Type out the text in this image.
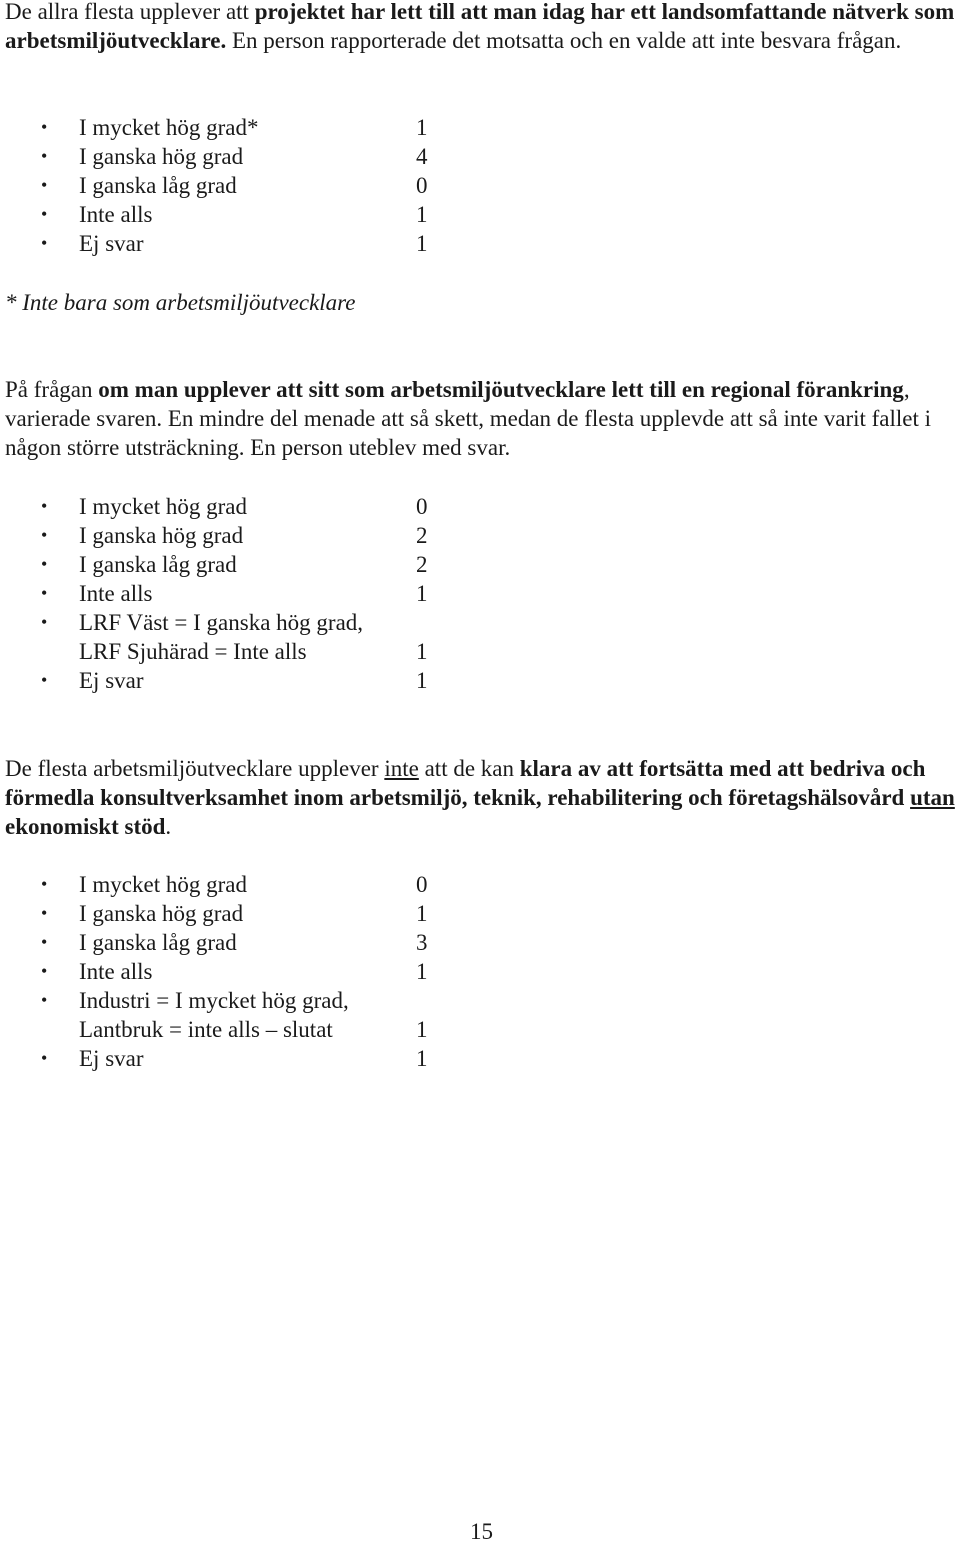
De allra flesta upplever att projektet har lett till att man idag har ett landsomfattande nätverk som arbetsmiljöutvecklare. En person rapporterade det motsatta och en valde att inte besvara frågan.

• I mycket hög grad*	1
• I ganska hög grad	4
• I ganska låg grad	0
• Inte alls	1
• Ej svar	1

* Inte bara som arbetsmiljöutvecklare

På frågan om man upplever att sitt som arbetsmiljöutvecklare lett till en regional förankring, varierade svaren. En mindre del menade att så skett, medan de flesta upplevde att så inte varit fallet i någon större utsträckning. En person uteblev med svar.

• I mycket hög grad	0
• I ganska hög grad	2
• I ganska låg grad	2
• Inte alls	1
• LRF Väst = I ganska hög grad,
LRF Sjuhärad = Inte alls	1
• Ej svar	1

De flesta arbetsmiljöutvecklare upplever inte att de kan klara av att fortsätta med att bedriva och förmedla konsultverksamhet inom arbetsmiljö, teknik, rehabilitering och företagshälsovård utan ekonomiskt stöd.

• I mycket hög grad	0
• I ganska hög grad	1
• I ganska låg grad	3
• Inte alls	1
• Industri = I mycket hög grad,
Lantbruk = inte alls – slutat	1
• Ej svar	1
15
